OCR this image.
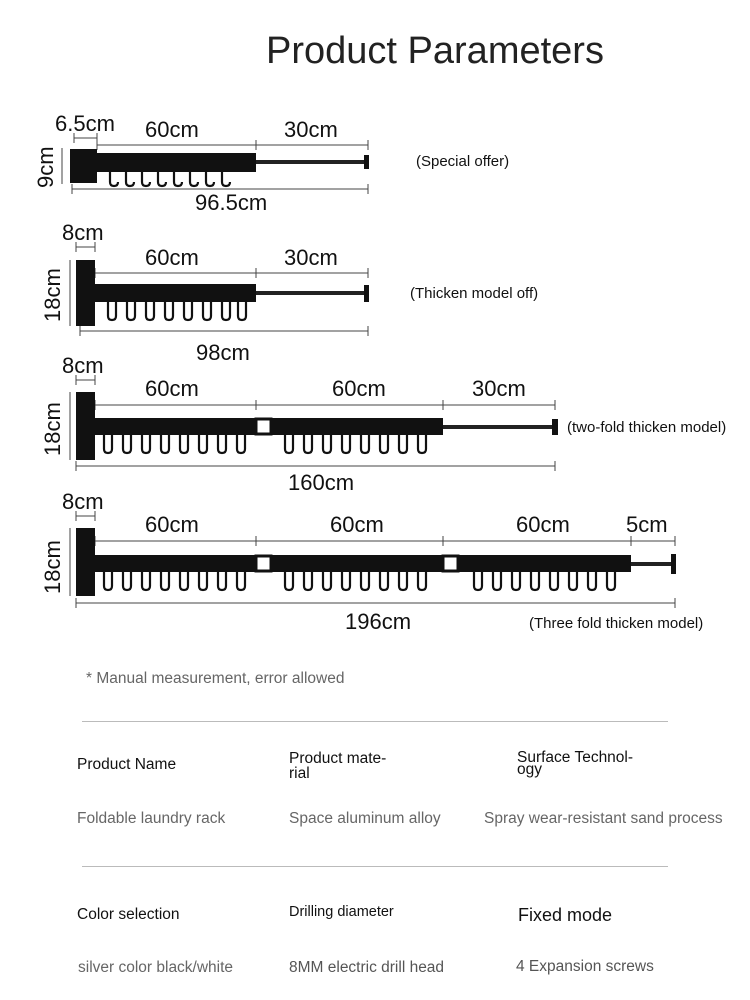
Product Parameters
6.5cm 60cm	30cm
9cm
96.5cm
(Special offer)
8cm
60cm	30cm
18cm
98cm
(Thicken model off)
8cm
60cm	60cm	30cm
18cm
160cm
(two-fold thicken model)
8cm
60cm	60cm	60cm	5cm
18cm
196cm	(Three fold thicken model)
* Manual measurement, error allowed
Product Name	Product mate-
rial
Surface Technol-
ogy
Foldable laundry rack	Space aluminum alloy	Spray wear-resistant sand process
Color selection	Drilling diameter	Fixed mode
silver color black/white	8MM electric drill head	4 Expansion screws
